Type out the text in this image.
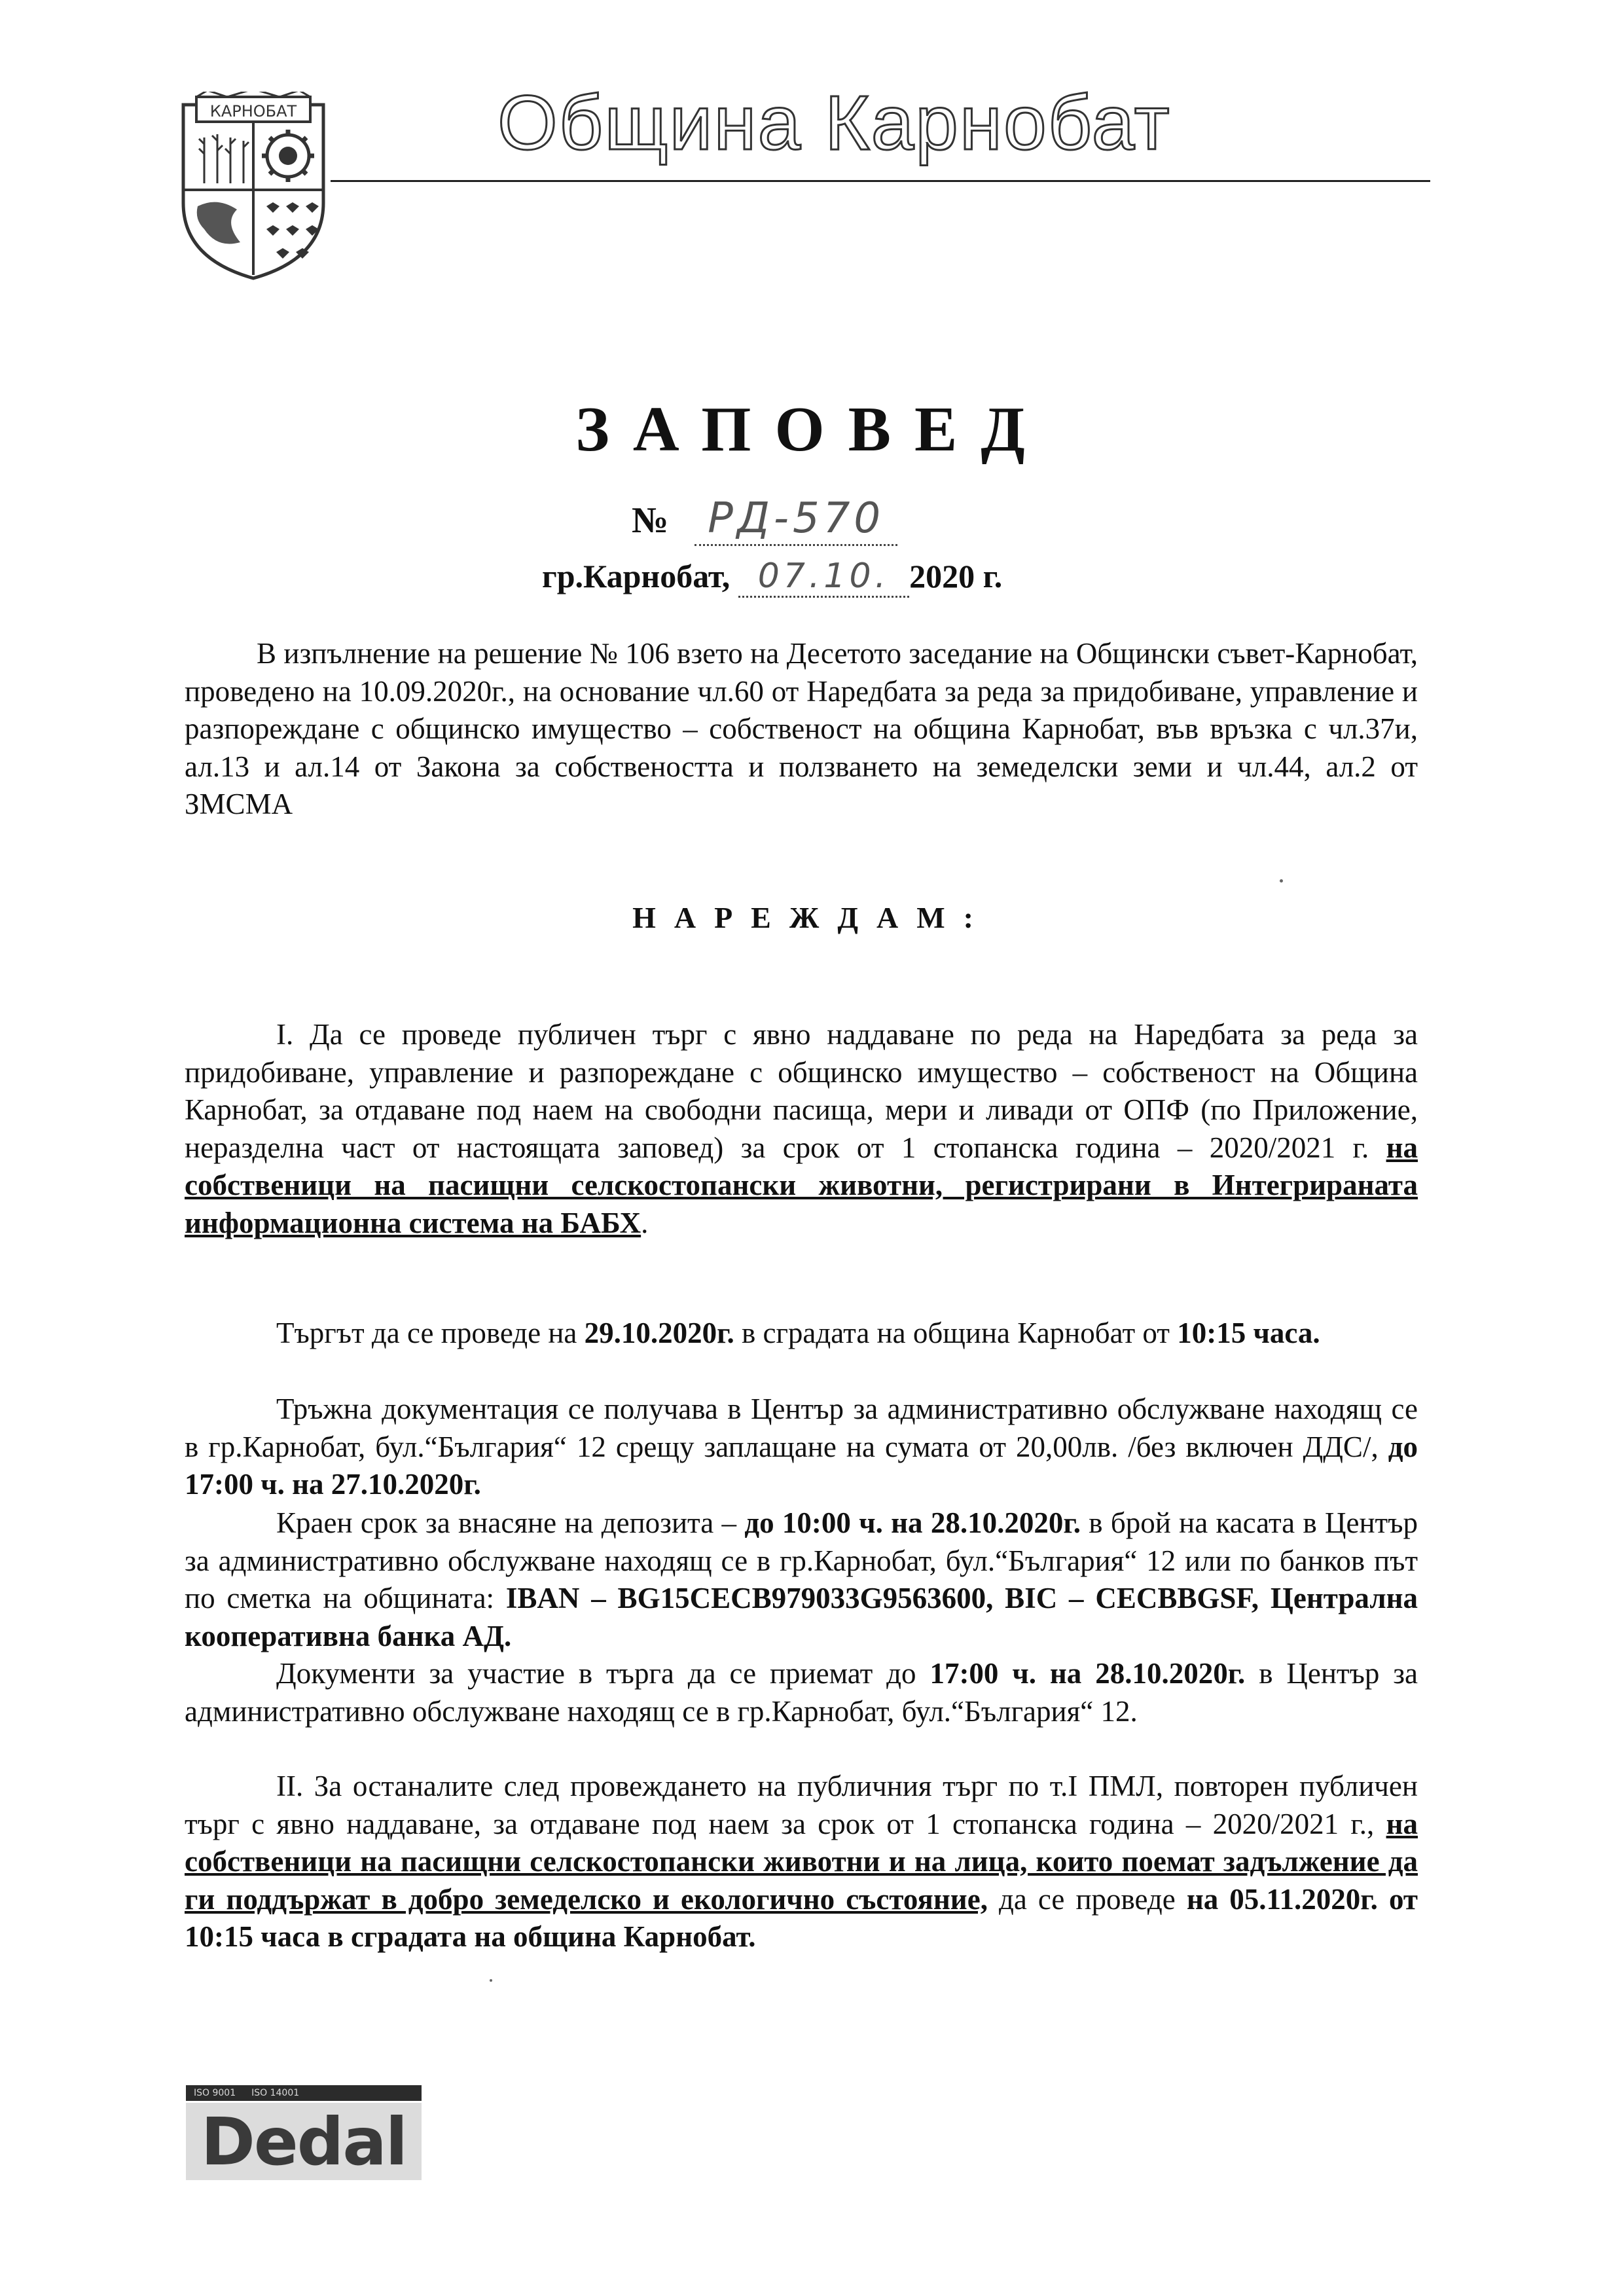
КАРНОБАТ	Община Карнобат
ЗАПОВЕД
№ РД-570
гр.Карнобат, 07.10. 2020 г.
В изпълнение на решение № 106 взето на Десетото заседание на Общински съвет-Карнобат, проведено на 10.09.2020г., на основание чл.60 от Наредбата за реда за придобиване, управление и разпореждане с общинско имущество – собственост на община Карнобат, във връзка с чл.37и, ал.13 и ал.14 от Закона за собствеността и ползването на земеделски земи и чл.44, ал.2 от ЗМСМА
НАРЕЖДАМ:
I. Да се проведе публичен търг с явно наддаване по реда на Наредбата за реда за придобиване, управление и разпореждане с общинско имущество – собственост на Община Карнобат, за отдаване под наем на свободни пасища, мери и ливади от ОПФ (по Приложение, неразделна част от настоящата заповед) за срок от 1 стопанска година – 2020/2021 г. на собственици на пасищни селскостопански животни, регистрирани в Интегрираната информационна система на БАБХ.
Търгът да се проведе на 29.10.2020г. в сградата на община Карнобат от 10:15 часа.
Тръжна документация се получава в Център за административно обслужване находящ се в гр.Карнобат, бул.“България“ 12 срещу заплащане на сумата от 20,00лв. /без включен ДДС/, до 17:00 ч. на 27.10.2020г.
Краен срок за внасяне на депозита – до 10:00 ч. на 28.10.2020г. в брой на касата в Център за административно обслужване находящ се в гр.Карнобат, бул.“България“ 12 или по банков път по сметка на общината: IBAN – BG15CECB979033G9563600, BIC – CECBBGSF, Централна кооперативна банка АД.
Документи за участие в търга да се приемат до 17:00 ч. на 28.10.2020г. в Център за административно обслужване находящ се в гр.Карнобат, бул.“България“ 12.
II. За останалите след провеждането на публичния търг по т.I ПМЛ, повторен публичен търг с явно наддаване, за отдаване под наем за срок от 1 стопанска година – 2020/2021 г., на собственици на пасищни селскостопански животни и на лица, които поемат задължение да ги поддържат в добро земеделско и екологично състояние, да се проведе на 05.11.2020г. от 10:15 часа в сградата на община Карнобат.
ISO 9001 ISO 14001
Dedal
